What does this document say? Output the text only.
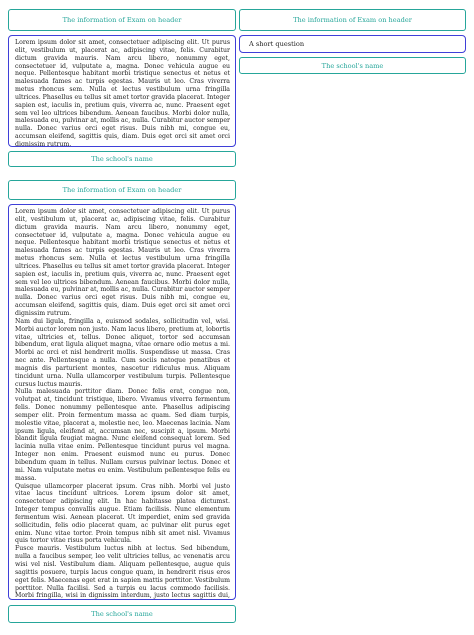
The information of Exam on header

Lorem ipsum dolor sit amet, consectetuer adipiscing elit. Ut purus elit, vestibulum ut, placerat ac, adipiscing vitae, felis. Curabitur dictum gravida mauris. Nam arcu libero, nonummy eget, consectetuer id, vulputate a, magna. Donec vehicula augue eu neque. Pellentesque habitant morbi tristique senectus et netus et malesuada fames ac turpis egestas. Mauris ut leo. Cras viverra metus rhoncus sem. Nulla et lectus vestibulum urna fringilla ultrices. Phasellus eu tellus sit amet tortor gravida placerat. Integer sapien est, iaculis in, pretium quis, viverra ac, nunc. Praesent eget sem vel leo ultrices bibendum. Aenean faucibus. Morbi dolor nulla, malesuada eu, pulvinar at, mollis ac, nulla. Curabitur auctor semper nulla. Donec varius orci eget risus. Duis nibh mi, congue eu, accumsan eleifend, sagittis quis, diam. Duis eget orci sit amet orci dignissim rutrum.

The school's name
The information of Exam on header

Lorem ipsum dolor sit amet, consectetuer adipiscing elit. Ut purus elit, vestibulum ut, placerat ac, adipiscing vitae, felis. Curabitur dictum gravida mauris. Nam arcu libero, nonummy eget, consectetuer id, vulputate a, magna. Donec vehicula augue eu neque. Pellentesque habitant morbi tristique senectus et netus et malesuada fames ac turpis egestas. Mauris ut leo. Cras viverra metus rhoncus sem. Nulla et lectus vestibulum urna fringilla ultrices. Phasellus eu tellus sit amet tortor gravida placerat. Integer sapien est, iaculis in, pretium quis, viverra ac, nunc. Praesent eget sem vel leo ultrices bibendum. Aenean faucibus. Morbi dolor nulla, malesuada eu, pulvinar at, mollis ac, nulla. Curabitur auctor semper nulla. Donec varius orci eget risus. Duis nibh mi, congue eu, accumsan eleifend, sagittis quis, diam. Duis eget orci sit amet orci dignissim rutrum.

Nam dui ligula, fringilla a, euismod sodales, sollicitudin vel, wisi. Morbi auctor lorem non justo. Nam lacus libero, pretium at, lobortis vitae, ultricies et, tellus. Donec aliquet, tortor sed accumsan bibendum, erat ligula aliquet magna, vitae ornare odio metus a mi. Morbi ac orci et nisl hendrerit mollis. Suspendisse ut massa. Cras nec ante. Pellentesque a nulla. Cum sociis natoque penatibus et magnis dis parturient montes, nascetur ridiculus mus. Aliquam tincidunt urna. Nulla ullamcorper vestibulum turpis. Pellentesque cursus luctus mauris.

Nulla malesuada porttitor diam. Donec felis erat, congue non, volutpat at, tincidunt tristique, libero. Vivamus viverra fermentum felis. Donec nonummy pellentesque ante. Phasellus adipiscing semper elit. Proin fermentum massa ac quam. Sed diam turpis, molestie vitae, placerat a, molestie nec, leo. Maecenas lacinia. Nam ipsum ligula, eleifend at, accumsan nec, suscipit a, ipsum. Morbi blandit ligula feugiat magna. Nunc eleifend consequat lorem. Sed lacinia nulla vitae enim. Pellentesque tincidunt purus vel magna. Integer non enim. Praesent euismod nunc eu purus. Donec bibendum quam in tellus. Nullam cursus pulvinar lectus. Donec et mi. Nam vulputate metus eu enim. Vestibulum pellentesque felis eu massa.

Quisque ullamcorper placerat ipsum. Cras nibh. Morbi vel justo vitae lacus tincidunt ultrices. Lorem ipsum dolor sit amet, consectetuer adipiscing elit. In hac habitasse platea dictumst. Integer tempus convallis augue. Etiam facilisis. Nunc elementum fermentum wisi. Aenean placerat. Ut imperdiet, enim sed gravida sollicitudin, felis odio placerat quam, ac pulvinar elit purus eget enim. Nunc vitae tortor. Proin tempus nibh sit amet nisl. Vivamus quis tortor vitae risus porta vehicula.

Fusce mauris. Vestibulum luctus nibh at lectus. Sed bibendum, nulla a faucibus semper, leo velit ultricies tellus, ac venenatis arcu wisi vel nisl. Vestibulum diam. Aliquam pellentesque, augue quis sagittis posuere, turpis lacus congue quam, in hendrerit risus eros eget felis. Maecenas eget erat in sapien mattis porttitor. Vestibulum porttitor. Nulla facilisi. Sed a turpis eu lacus commodo facilisis. Morbi fringilla, wisi in dignissim interdum, justo lectus sagittis dui,

The school's name
The information of Exam on header
A short question
The school's name
